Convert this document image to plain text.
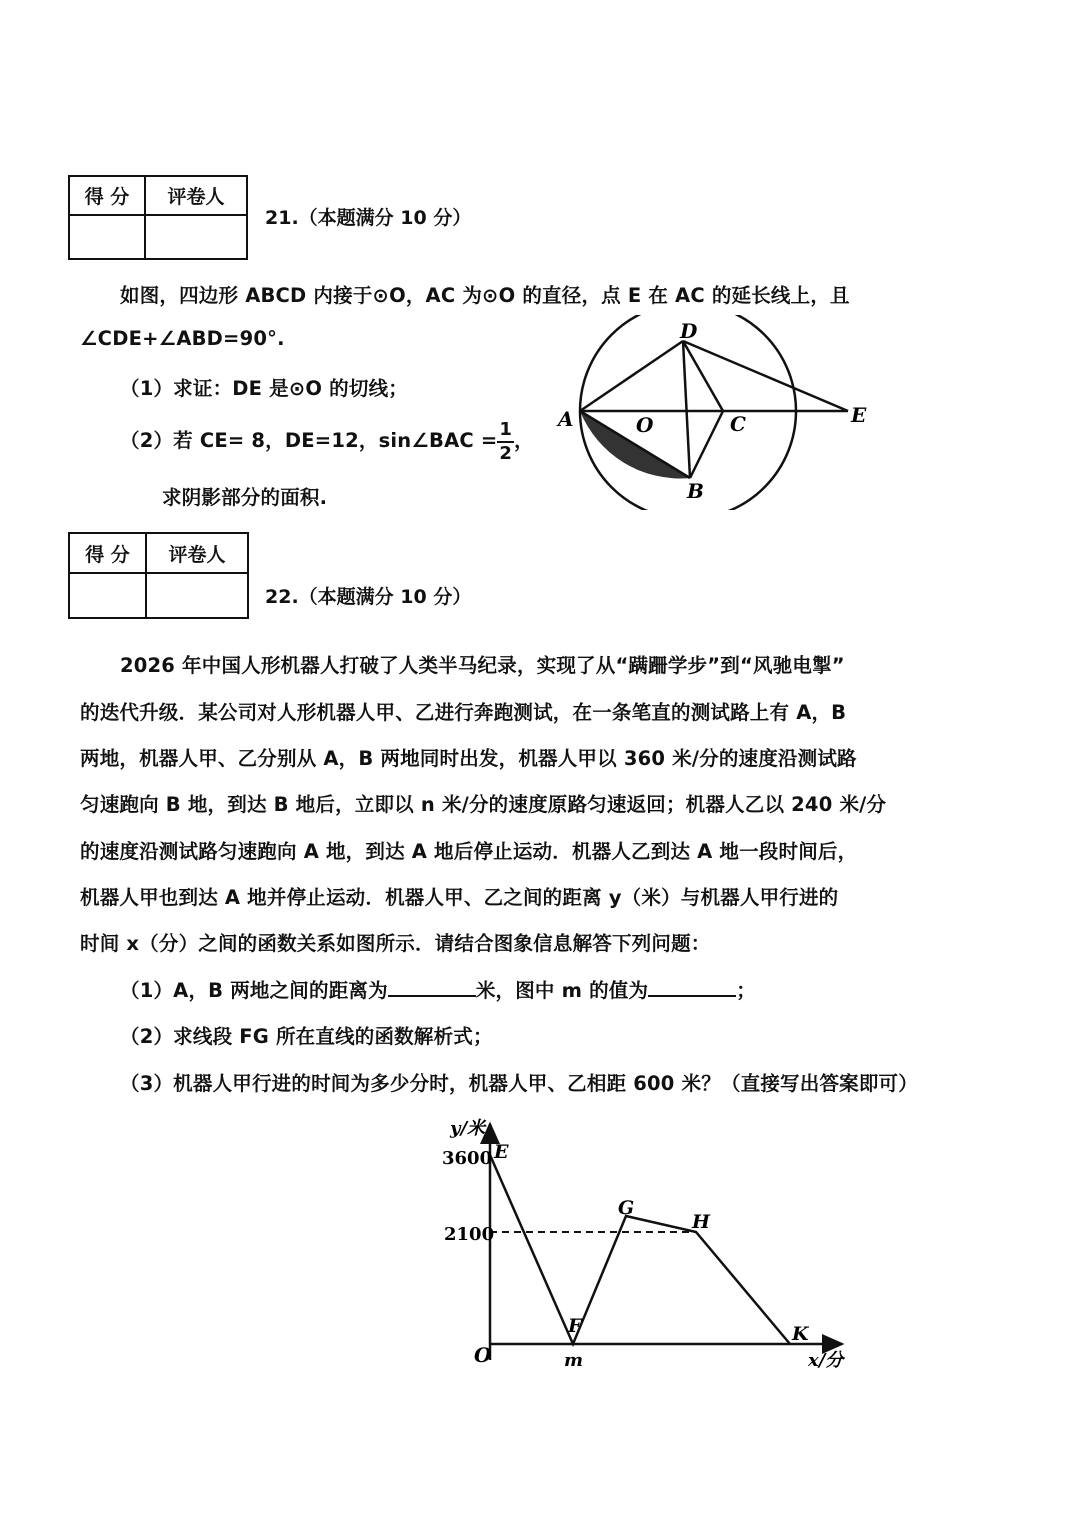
得 分	评卷人

21.（本题满分 10 分）
如图，四边形 ABCD 内接于⊙O，AC 为⊙O 的直径，点 E 在 AC 的延长线上，且
∠CDE+∠ABD=90°.
（1）求证：DE 是⊙O 的切线；
（2）若 CE= 8，DE=12，sin∠BAC = $\frac{1}{2}$ ，
求阴影部分的面积.
D
A	O	C	E
B
得 分	评卷人

22.（本题满分 10 分）
2026 年中国人形机器人打破了人类半马纪录，实现了从“蹒跚学步”到“风驰电掣”
的迭代升级．某公司对人形机器人甲、乙进行奔跑测试，在一条笔直的测试路上有 A，B
两地，机器人甲、乙分别从 A，B 两地同时出发，机器人甲以 360 米/分的速度沿测试路
匀速跑向 B 地，到达 B 地后，立即以 n 米/分的速度原路匀速返回；机器人乙以 240 米/分
的速度沿测试路匀速跑向 A 地，到达 A 地后停止运动．机器人乙到达 A 地一段时间后，
机器人甲也到达 A 地并停止运动．机器人甲、乙之间的距离 y（米）与机器人甲行进的
时间 x（分）之间的函数关系如图所示．请结合图象信息解答下列问题：
（1）A，B 两地之间的距离为	米，图中 m 的值为	；
（2）求线段 FG 所在直线的函数解析式；
（3）机器人甲行进的时间为多少分时，机器人甲、乙相距 600 米？（直接写出答案即可）
y/米
x/分
O
3600
2100
m
E
F
G
H
K
